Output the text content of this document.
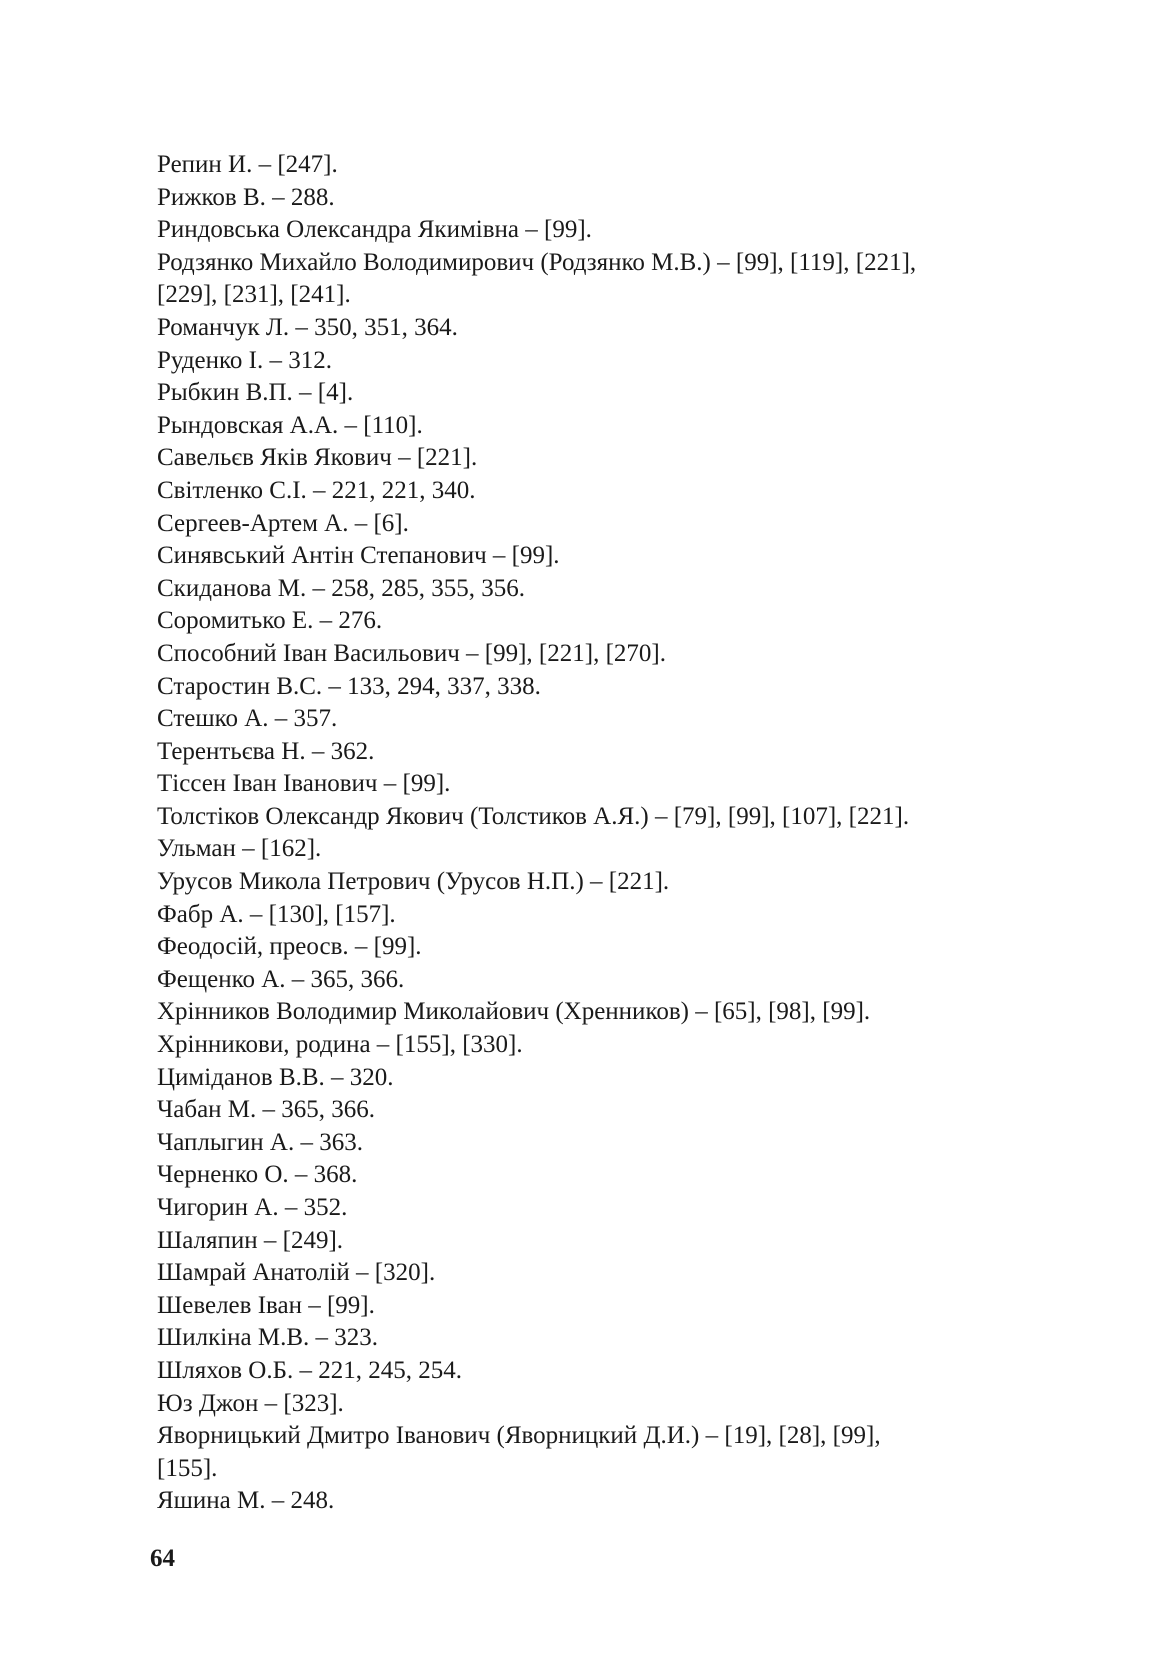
Репин И. – [247].
Рижков В. – 288.
Риндовська Олександра Якимівна – [99].
Родзянко Михайло Володимирович (Родзянко М.В.) – [99], [119], [221],
[229], [231], [241].
Романчук Л. – 350, 351, 364.
Руденко І. – 312.
Рыбкин В.П. – [4].
Рындовская А.А. – [110].
Савельєв Яків Якович – [221].
Світленко С.І. – 221, 221, 340.
Сергеев-Артем А. – [6].
Синявський Антін Степанович – [99].
Скиданова М. – 258, 285, 355, 356.
Соромитько Е. – 276.
Способний Іван Васильович – [99], [221], [270].
Старостин В.С. – 133, 294, 337, 338.
Стешко А. – 357.
Терентьєва Н. – 362.
Тіссен Іван Іванович – [99].
Толстіков Олександр Якович (Толстиков А.Я.) – [79], [99], [107], [221].
Ульман – [162].
Урусов Микола Петрович (Урусов Н.П.) – [221].
Фабр А. – [130], [157].
Феодосій, преосв. – [99].
Фещенко А. – 365, 366.
Хрінников Володимир Миколайович (Хренников) – [65], [98], [99].
Хрінникови, родина – [155], [330].
Циміданов В.В. – 320.
Чабан М. – 365, 366.
Чаплыгин А. – 363.
Черненко О. – 368.
Чигорин А. – 352.
Шаляпин – [249].
Шамрай Анатолій – [320].
Шевелев Іван – [99].
Шилкіна М.В. – 323.
Шляхов О.Б. – 221, 245, 254.
Юз Джон – [323].
Яворницький Дмитро Іванович (Яворницкий Д.И.) – [19], [28], [99],
[155].
Яшина М. – 248.
64
